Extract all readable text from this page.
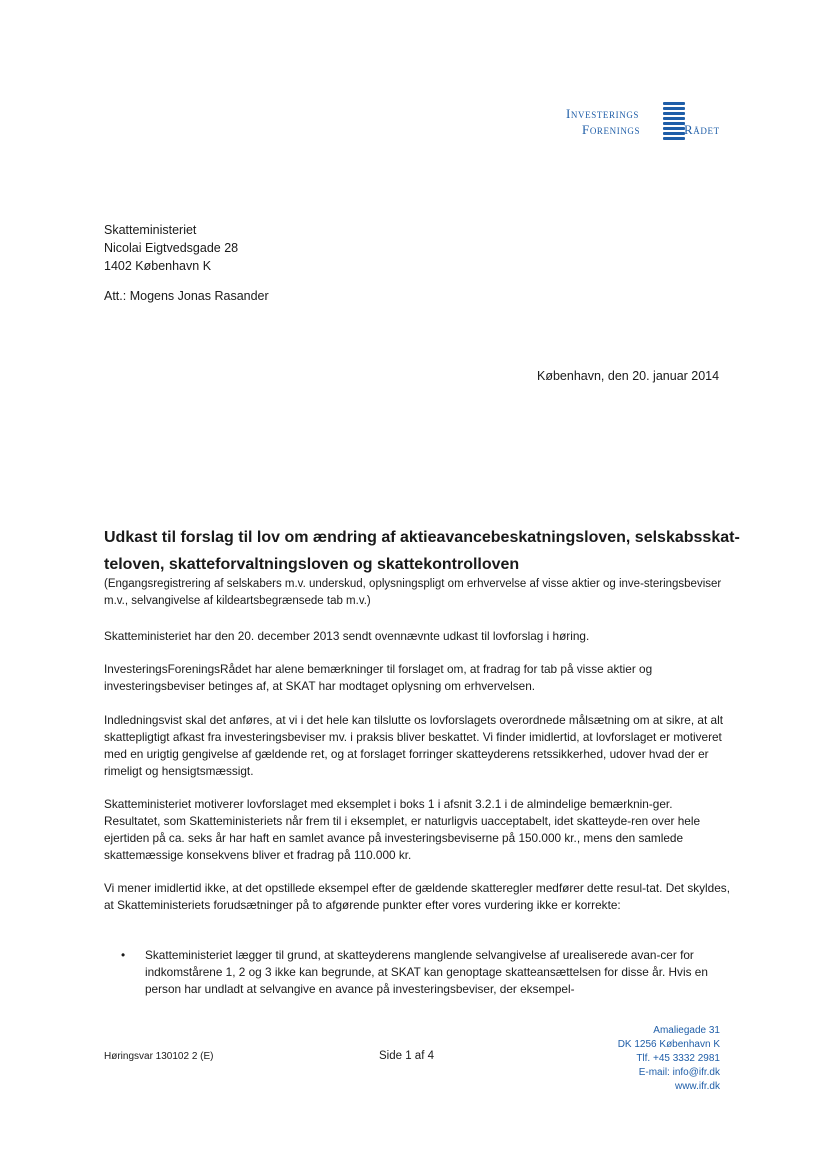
Investerings
Forenings	Rådet
Skatteministeriet
Nicolai Eigtvedsgade 28
1402 København K
Att.: Mogens Jonas Rasander
København, den 20. januar 2014
Udkast til forslag til lov om ændring af aktieavancebeskatningsloven, selskabsskat-teloven, skatteforvaltningsloven og skattekontrolloven
(Engangsregistrering af selskabers m.v. underskud, oplysningspligt om erhvervelse af visse aktier og inve-steringsbeviser m.v., selvangivelse af kildeartsbegrænsede tab m.v.)
Skatteministeriet har den 20. december 2013 sendt ovennævnte udkast til lovforslag i høring.
InvesteringsForeningsRådet har alene bemærkninger til forslaget om, at fradrag for tab på visse aktier og investeringsbeviser betinges af, at SKAT har modtaget oplysning om erhvervelsen.
Indledningsvist skal det anføres, at vi i det hele kan tilslutte os lovforslagets overordnede målsætning om at sikre, at alt skattepligtigt afkast fra investeringsbeviser mv. i praksis bliver beskattet. Vi finder imidlertid, at lovforslaget er motiveret med en urigtig gengivelse af gældende ret, og at forslaget forringer skatteyderens retssikkerhed, udover hvad der er rimeligt og hensigtsmæssigt.
Skatteministeriet motiverer lovforslaget med eksemplet i boks 1 i afsnit 3.2.1 i de almindelige bemærknin-ger. Resultatet, som Skatteministeriets når frem til i eksemplet, er naturligvis uacceptabelt, idet skatteyde-ren over hele ejertiden på ca. seks år har haft en samlet avance på investeringsbeviserne på 150.000 kr., mens den samlede skattemæssige konsekvens bliver et fradrag på 110.000 kr.
Vi mener imidlertid ikke, at det opstillede eksempel efter de gældende skatteregler medfører dette resul-tat. Det skyldes, at Skatteministeriets forudsætninger på to afgørende punkter efter vores vurdering ikke er korrekte:
• Skatteministeriet lægger til grund, at skatteyderens manglende selvangivelse af urealiserede avan-cer for indkomstårene 1, 2 og 3 ikke kan begrunde, at SKAT kan genoptage skatteansættelsen for disse år. Hvis en person har undladt at selvangive en avance på investeringsbeviser, der eksempel-
Høringsvar 130102 2 (E)	Side 1 af 4
Amaliegade 31
DK 1256 København K
Tlf. +45 3332 2981
E-mail: info@ifr.dk
www.ifr.dk
